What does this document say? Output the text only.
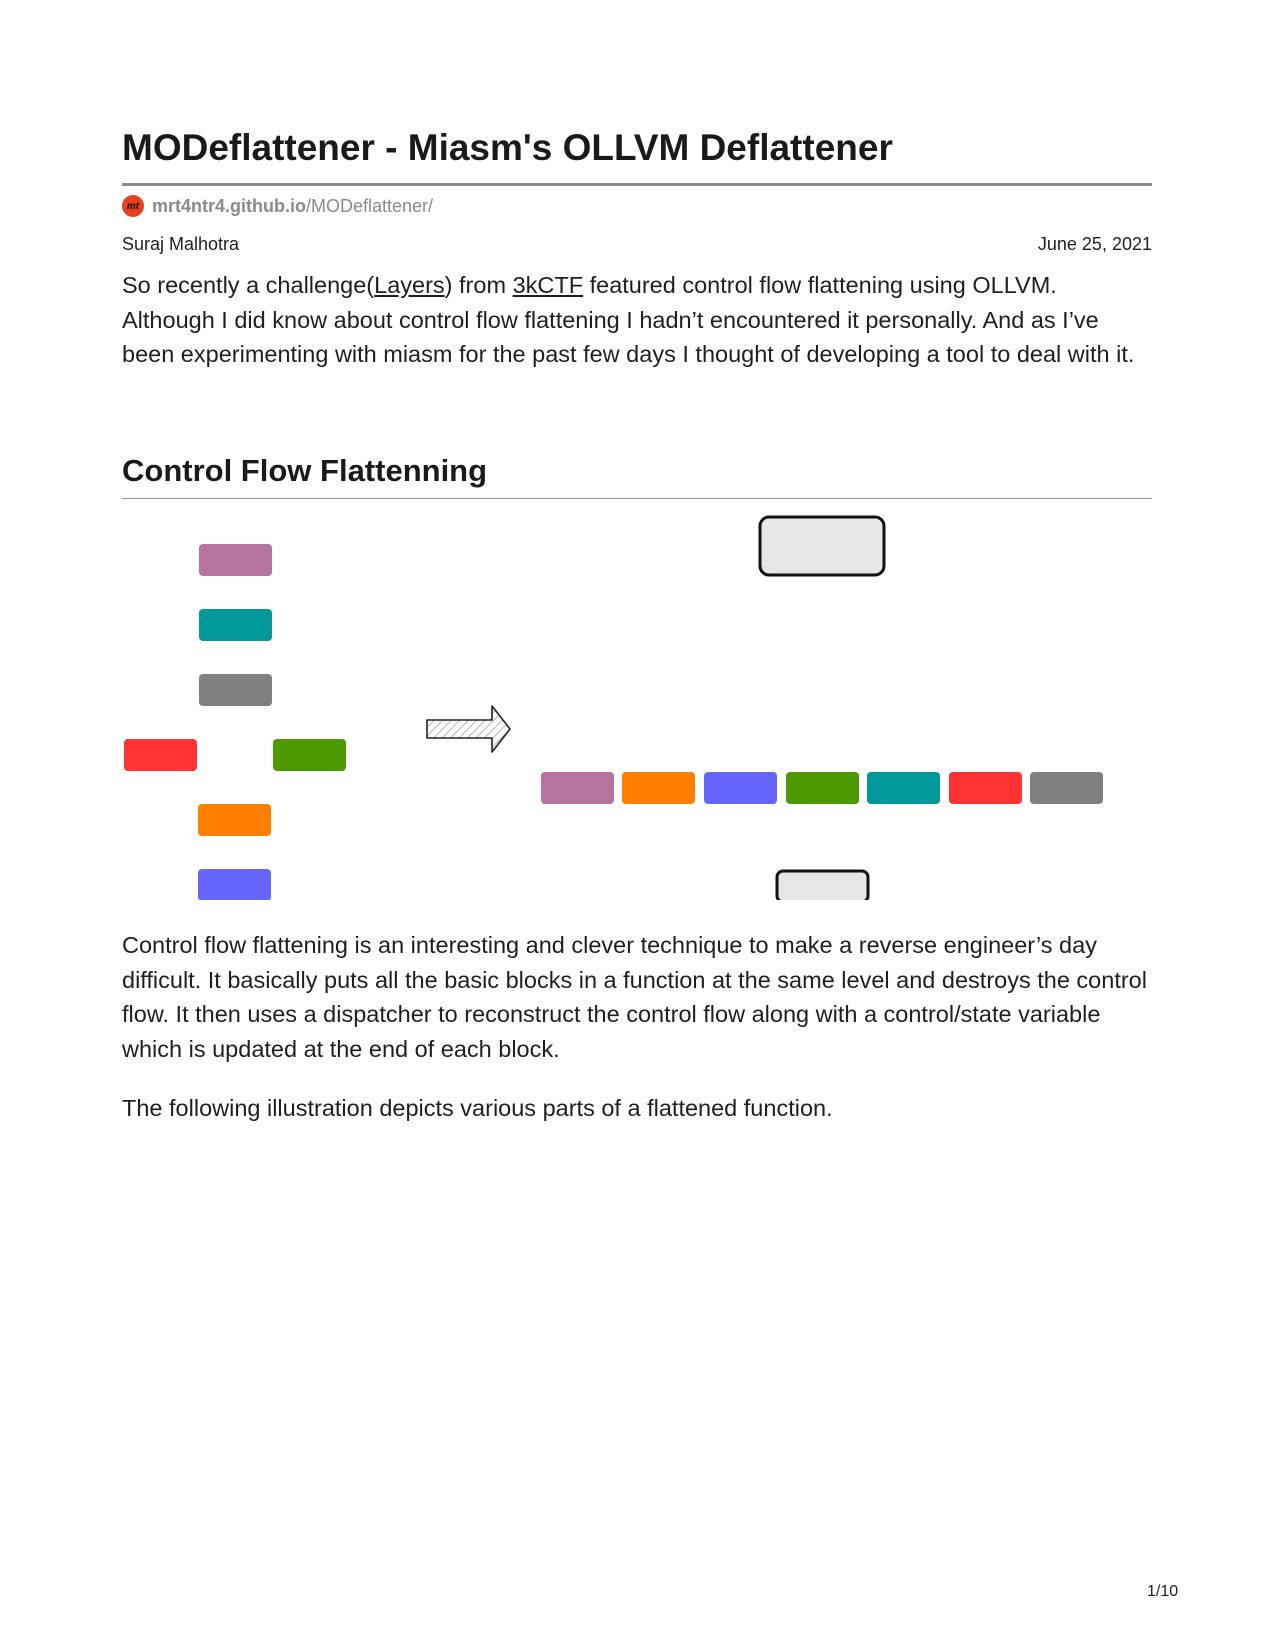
MODeflattener - Miasm's OLLVM Deflattener
mt mrt4ntr4.github.io /MODeflattener/
Suraj Malhotra	June 25, 2021

So recently a challenge(Layers) from 3kCTF featured control flow flattening using OLLVM. Although I did know about control flow flattening I hadn’t encountered it personally. And as I’ve been experimenting with miasm for the past few days I thought of developing a tool to deal with it.

Control Flow Flattenning

Control flow flattening is an interesting and clever technique to make a reverse engineer’s day difficult. It basically puts all the basic blocks in a function at the same level and destroys the control flow. It then uses a dispatcher to reconstruct the control flow along with a control/state variable which is updated at the end of each block.

The following illustration depicts various parts of a flattened function.

1/10
